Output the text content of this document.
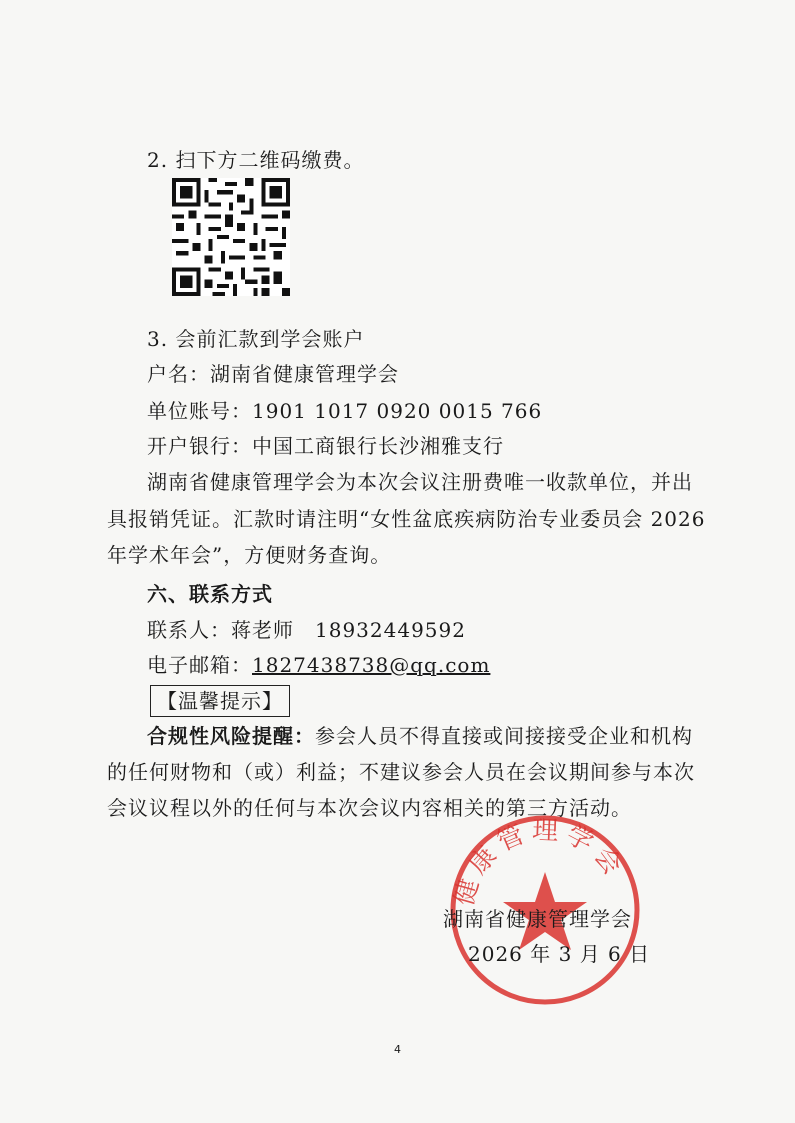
2. 扫下方二维码缴费。
3. 会前汇款到学会账户
户名：湖南省健康管理学会
单位账号：1901 1017 0920 0015 766
开户银行：中国工商银行长沙湘雅支行
湖南省健康管理学会为本次会议注册费唯一收款单位，并出
具报销凭证。汇款时请注明“女性盆底疾病防治专业委员会 2026
年学术年会”，方便财务查询。
六、联系方式
联系人：蒋老师　18932449592
电子邮箱：1827438738@qq.com
【温馨提示】
合规性风险提醒：参会人员不得直接或间接接受企业和机构
的任何财物和（或）利益；不建议参会人员在会议期间参与本次
会议议程以外的任何与本次会议内容相关的第三方活动。
健康管理学会
湖南省健康管理学会
2026 年 3 月 6 日
4
